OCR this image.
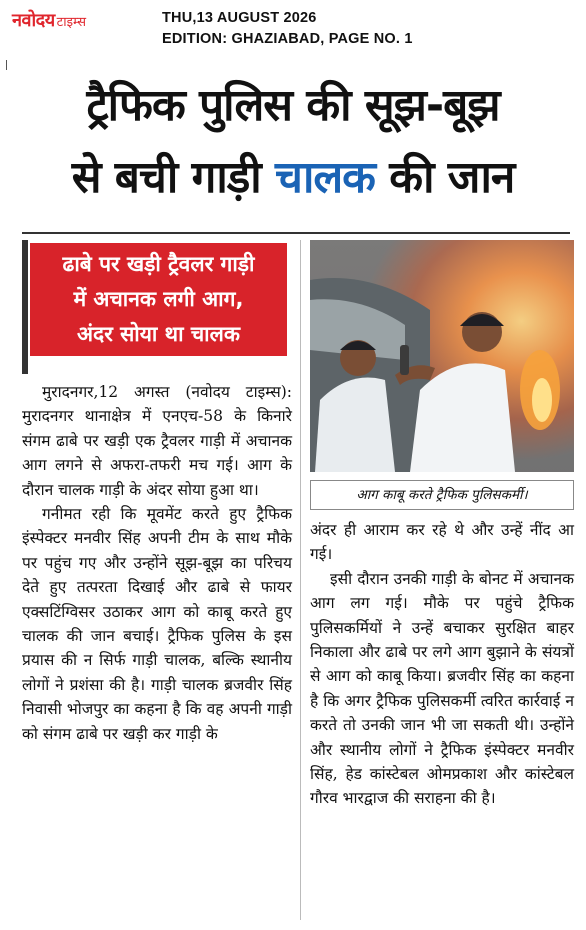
नवोदय टाइम्स	THU,13 AUGUST 2026
EDITION: GHAZIABAD, PAGE NO. 1
ट्रैफिक पुलिस की सूझ-बूझ
से बची गाड़ी चालक की जान
ढाबे पर खड़ी ट्रैवलर गाड़ी
में अचानक लगी आग,
अंदर सोया था चालक
आग काबू करते ट्रैफिक पुलिसकर्मी।

मुरादनगर,12 अगस्त (नवोदय टाइम्स): मुरादनगर थानाक्षेत्र में एनएच-58 के किनारे संगम ढाबे पर खड़ी एक ट्रैवलर गाड़ी में अचानक आग लगने से अफरा-तफरी मच गई। आग के दौरान चालक गाड़ी के अंदर सोया हुआ था।

गनीमत रही कि मूवमेंट करते हुए ट्रैफिक इंस्पेक्टर मनवीर सिंह अपनी टीम के साथ मौके पर पहुंच गए और उन्होंने सूझ-बूझ का परिचय देते हुए तत्परता दिखाई और ढाबे से फायर एक्सटिंग्विसर उठाकर आग को काबू करते हुए चालक की जान बचाई। ट्रैफिक पुलिस के इस प्रयास की न सिर्फ गाड़ी चालक, बल्कि स्थानीय लोगों ने प्रशंसा की है। गाड़ी चालक ब्रजवीर सिंह निवासी भोजपुर का कहना है कि वह अपनी गाड़ी को संगम ढाबे पर खड़ी कर गाड़ी के

अंदर ही आराम कर रहे थे और उन्हें नींद आ गई।

इसी दौरान उनकी गाड़ी के बोनट में अचानक आग लग गई। मौके पर पहुंचे ट्रैफिक पुलिसकर्मियों ने उन्हें बचाकर सुरक्षित बाहर निकाला और ढाबे पर लगे आग बुझाने के संयत्रों से आग को काबू किया। ब्रजवीर सिंह का कहना है कि अगर ट्रैफिक पुलिसकर्मी त्वरित कार्रवाई न करते तो उनकी जान भी जा सकती थी। उन्होंने और स्थानीय लोगों ने ट्रैफिक इंस्पेक्टर मनवीर सिंह, हेड कांस्टेबल ओमप्रकाश और कांस्टेबल गौरव भारद्वाज की सराहना की है।
